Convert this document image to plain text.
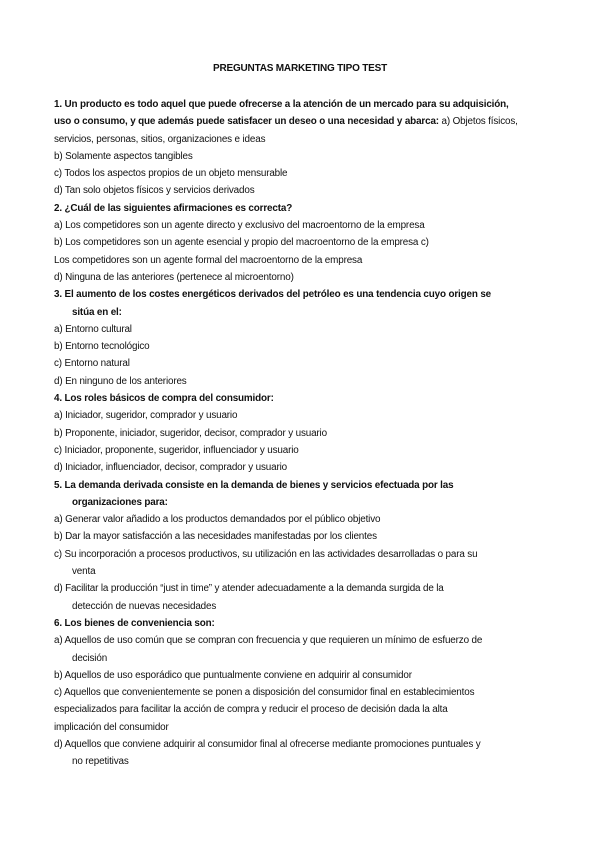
PREGUNTAS MARKETING TIPO TEST
1. Un producto es todo aquel que puede ofrecerse a la atención de un mercado para su adquisición,
uso o consumo, y que además puede satisfacer un deseo o una necesidad y abarca: a) Objetos físicos,
servicios, personas, sitios, organizaciones e ideas
b) Solamente aspectos tangibles
c) Todos los aspectos propios de un objeto mensurable
d) Tan solo objetos físicos y servicios derivados
2. ¿Cuál de las siguientes afirmaciones es correcta?
a) Los competidores son un agente directo y exclusivo del macroentorno de la empresa
b) Los competidores son un agente esencial y propio del macroentorno de la empresa c)
Los competidores son un agente formal del macroentorno de la empresa
d) Ninguna de las anteriores (pertenece al microentorno)
3. El aumento de los costes energéticos derivados del petróleo es una tendencia cuyo origen se
sitúa en el:
a) Entorno cultural
b) Entorno tecnológico
c) Entorno natural
d) En ninguno de los anteriores
4. Los roles básicos de compra del consumidor:
a) Iniciador, sugeridor, comprador y usuario
b) Proponente, iniciador, sugeridor, decisor, comprador y usuario
c) Iniciador, proponente, sugeridor, influenciador y usuario
d) Iniciador, influenciador, decisor, comprador y usuario
5. La demanda derivada consiste en la demanda de bienes y servicios efectuada por las
organizaciones para:
a) Generar valor añadido a los productos demandados por el público objetivo
b) Dar la mayor satisfacción a las necesidades manifestadas por los clientes
c) Su incorporación a procesos productivos, su utilización en las actividades desarrolladas o para su
venta
d) Facilitar la producción “just in time” y atender adecuadamente a la demanda surgida de la
detección de nuevas necesidades
6. Los bienes de conveniencia son:
a) Aquellos de uso común que se compran con frecuencia y que requieren un mínimo de esfuerzo de
decisión
b) Aquellos de uso esporádico que puntualmente conviene en adquirir al consumidor
c) Aquellos que convenientemente se ponen a disposición del consumidor final en establecimientos
especializados para facilitar la acción de compra y reducir el proceso de decisión dada la alta
implicación del consumidor
d) Aquellos que conviene adquirir al consumidor final al ofrecerse mediante promociones puntuales y
no repetitivas
